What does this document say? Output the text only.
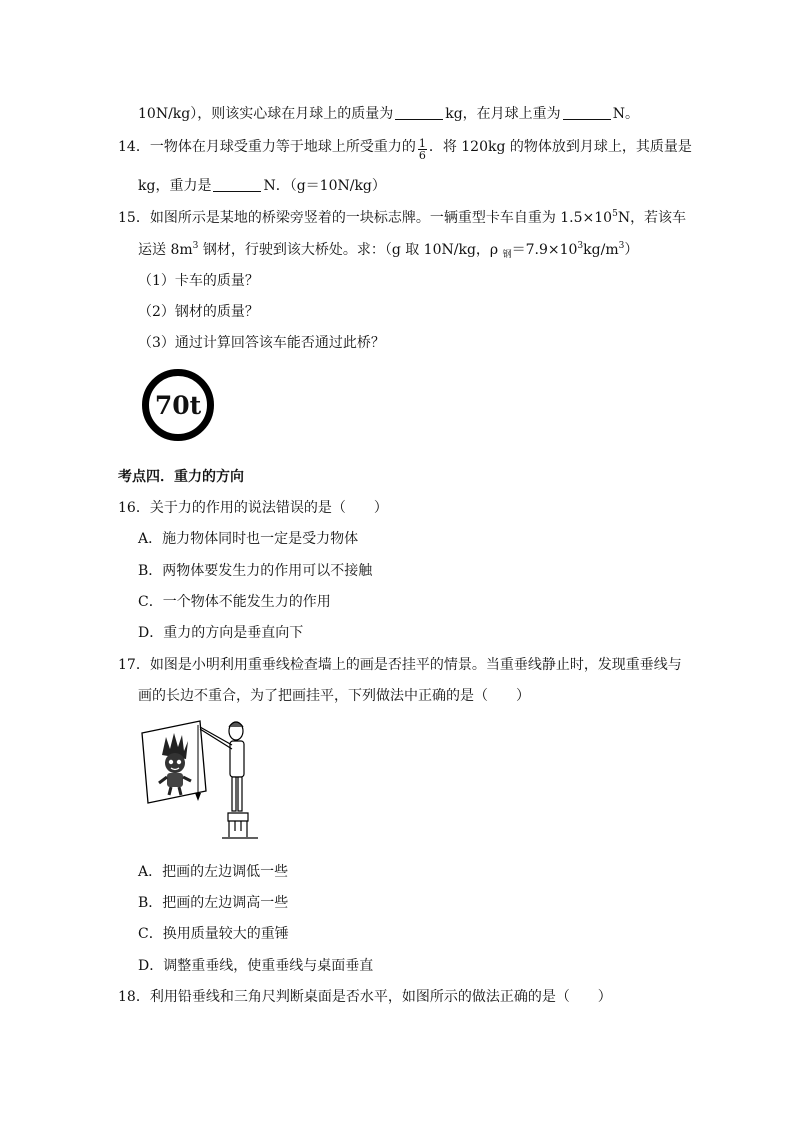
10N/kg），则该实心球在月球上的质量为	kg，在月球上重为	N。
14．一物体在月球受重力等于地球上所受重力的 $\frac{1}{6}$ ．将 120kg 的物体放到月球上，其质量是
kg，重力是	N．（g＝10N/kg）
15．如图所示是某地的桥梁旁竖着的一块标志牌。一辆重型卡车自重为 $1.5\times 10^5N$，若该车
运送 $8m^3$ 钢材，行驶到该大桥处。求：（g 取 10N/kg，ρ $_钢=7.9\times 10^3kg/m^3$）
（1）卡车的质量？
（2）钢材的质量？
（3）通过计算回答该车能否通过此桥？
70t
考点四．重力的方向
16．关于力的作用的说法错误的是（　　）
A．施力物体同时也一定是受力物体
B．两物体要发生力的作用可以不接触
C．一个物体不能发生力的作用
D．重力的方向是垂直向下
17．如图是小明利用重垂线检查墙上的画是否挂平的情景。当重垂线静止时，发现重垂线与
画的长边不重合，为了把画挂平，下列做法中正确的是（　　）
A．把画的左边调低一些
B．把画的左边调高一些
C．换用质量较大的重锤
D．调整重垂线，使重垂线与桌面垂直
18．利用铅垂线和三角尺判断桌面是否水平，如图所示的做法正确的是（　　）
